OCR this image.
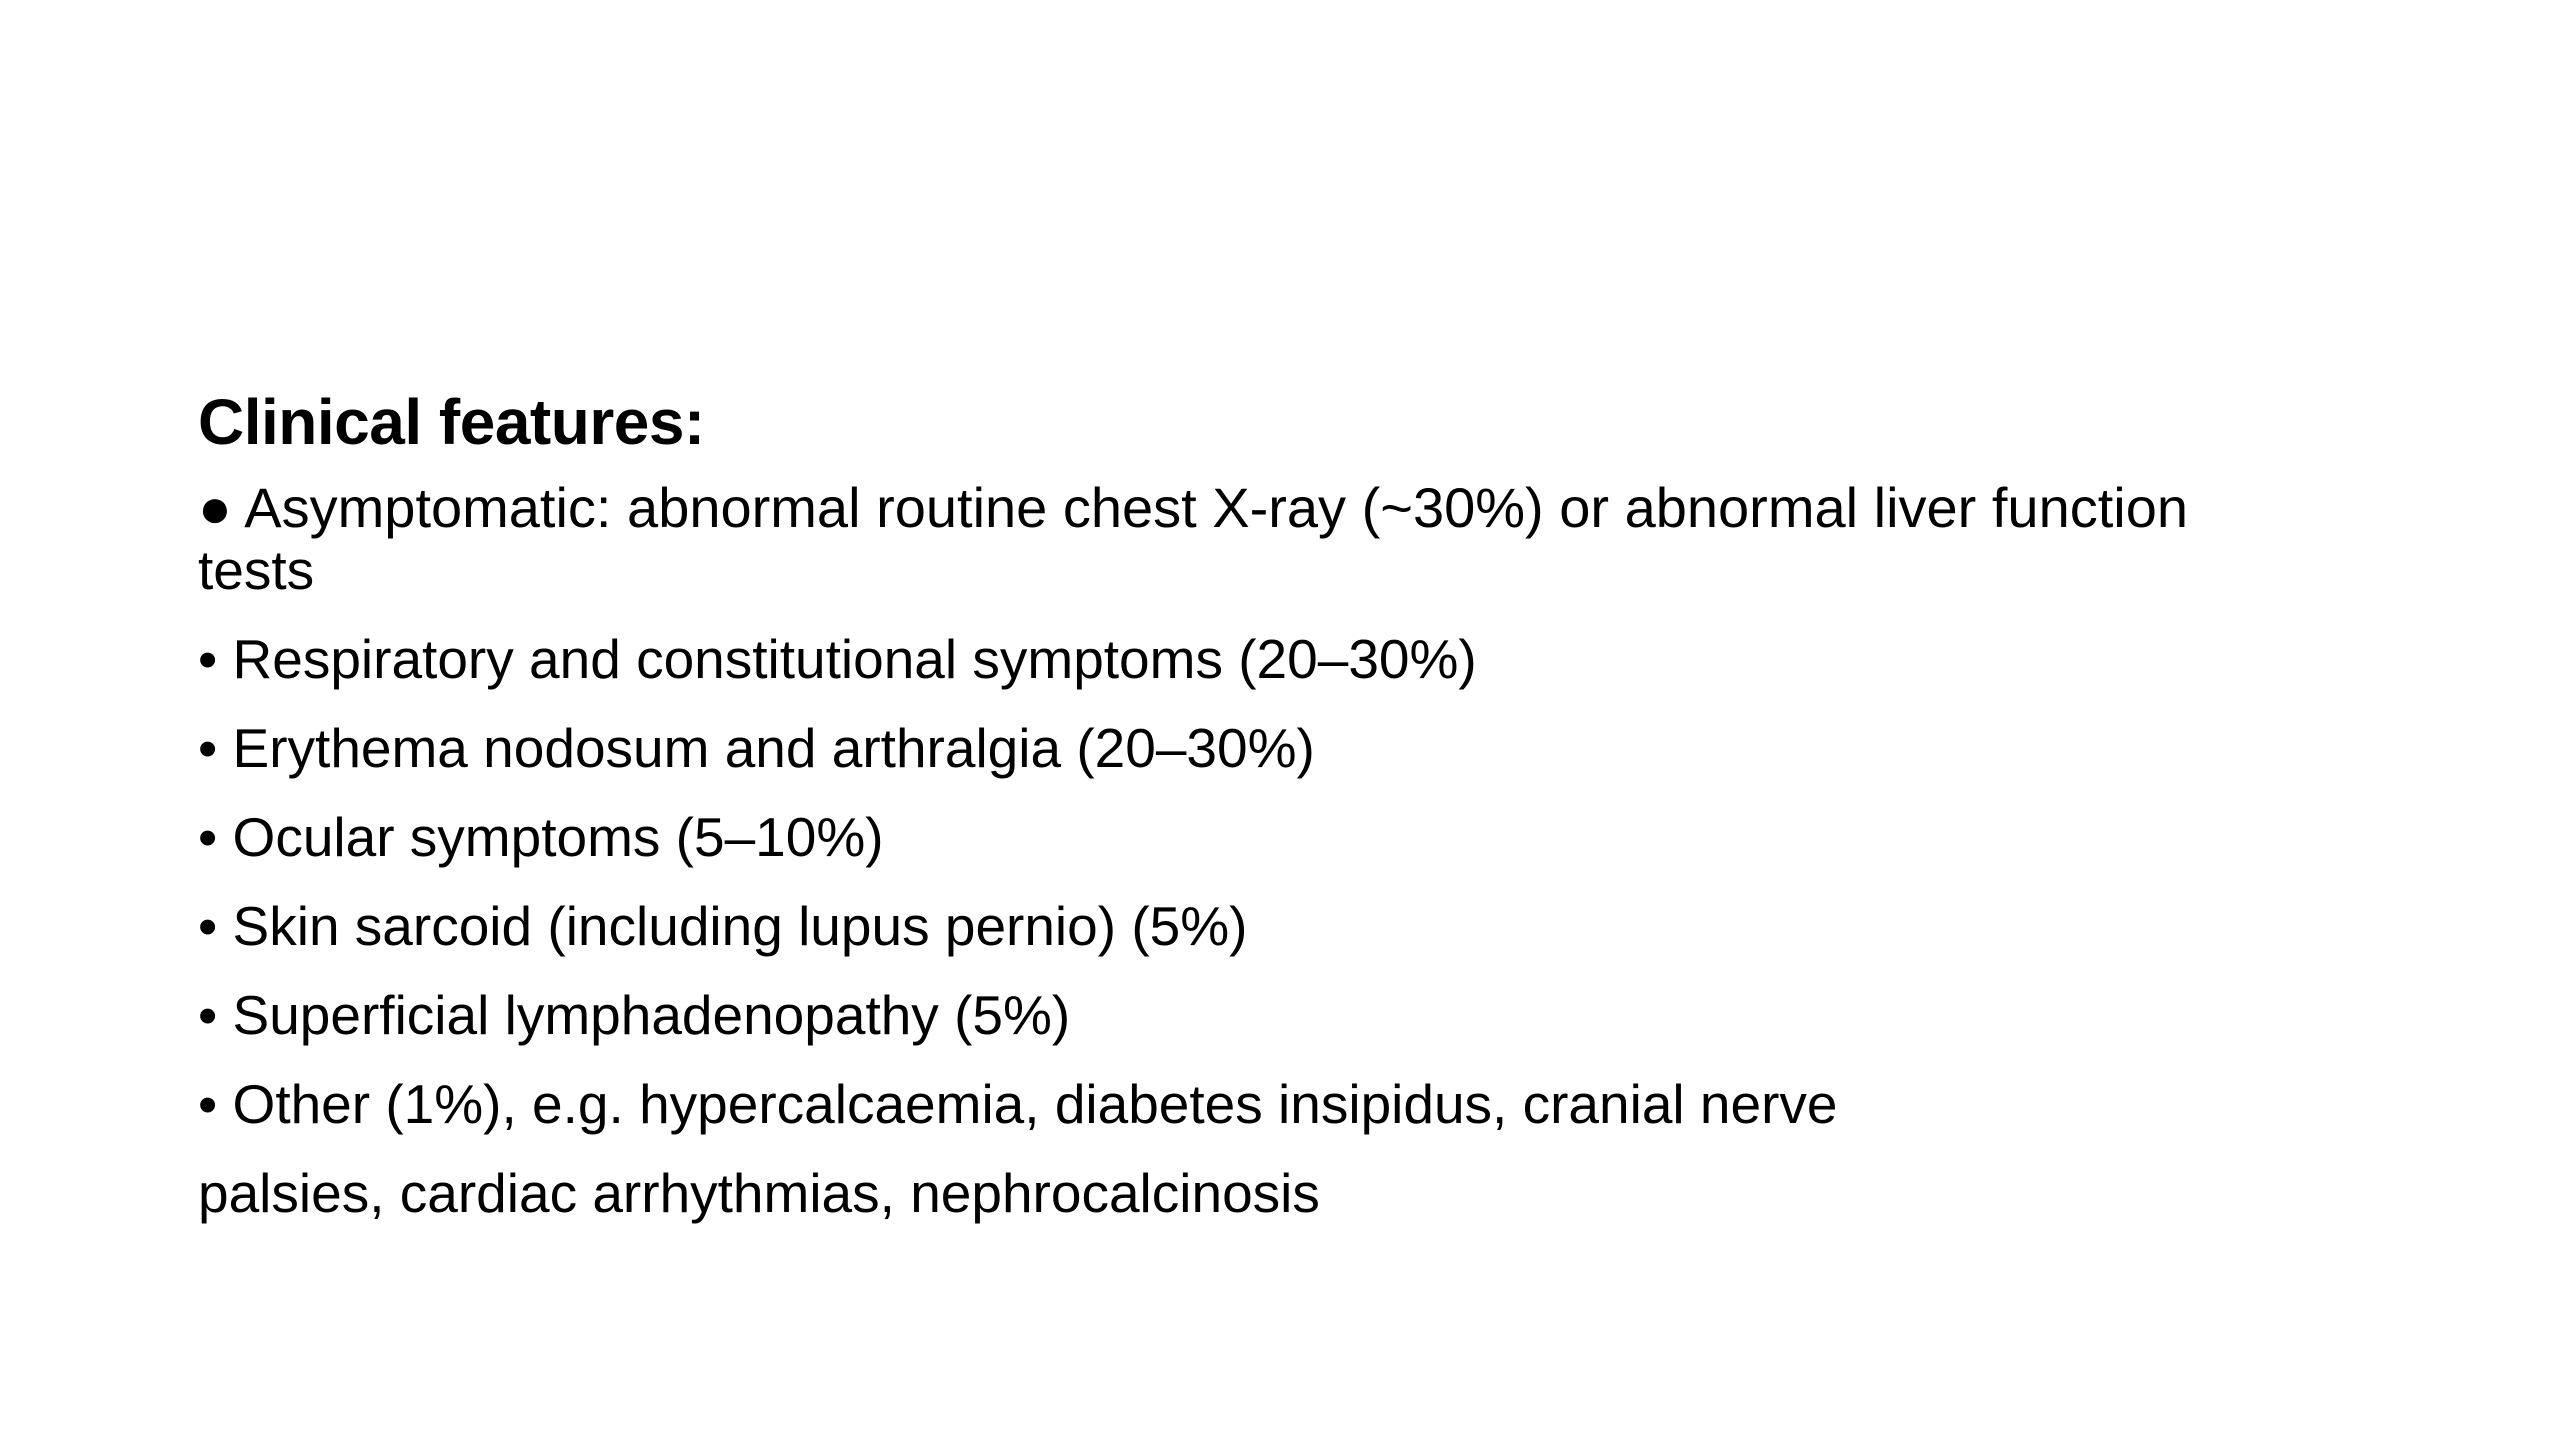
Clinical features:
● Asymptomatic: abnormal routine chest X-ray (~30%) or abnormal liver function
tests
• Respiratory and constitutional symptoms (20–30%)
• Erythema nodosum and arthralgia (20–30%)
• Ocular symptoms (5–10%)
• Skin sarcoid (including lupus pernio) (5%)
• Superficial lymphadenopathy (5%)
• Other (1%), e.g. hypercalcaemia, diabetes insipidus, cranial nerve
palsies, cardiac arrhythmias, nephrocalcinosis
